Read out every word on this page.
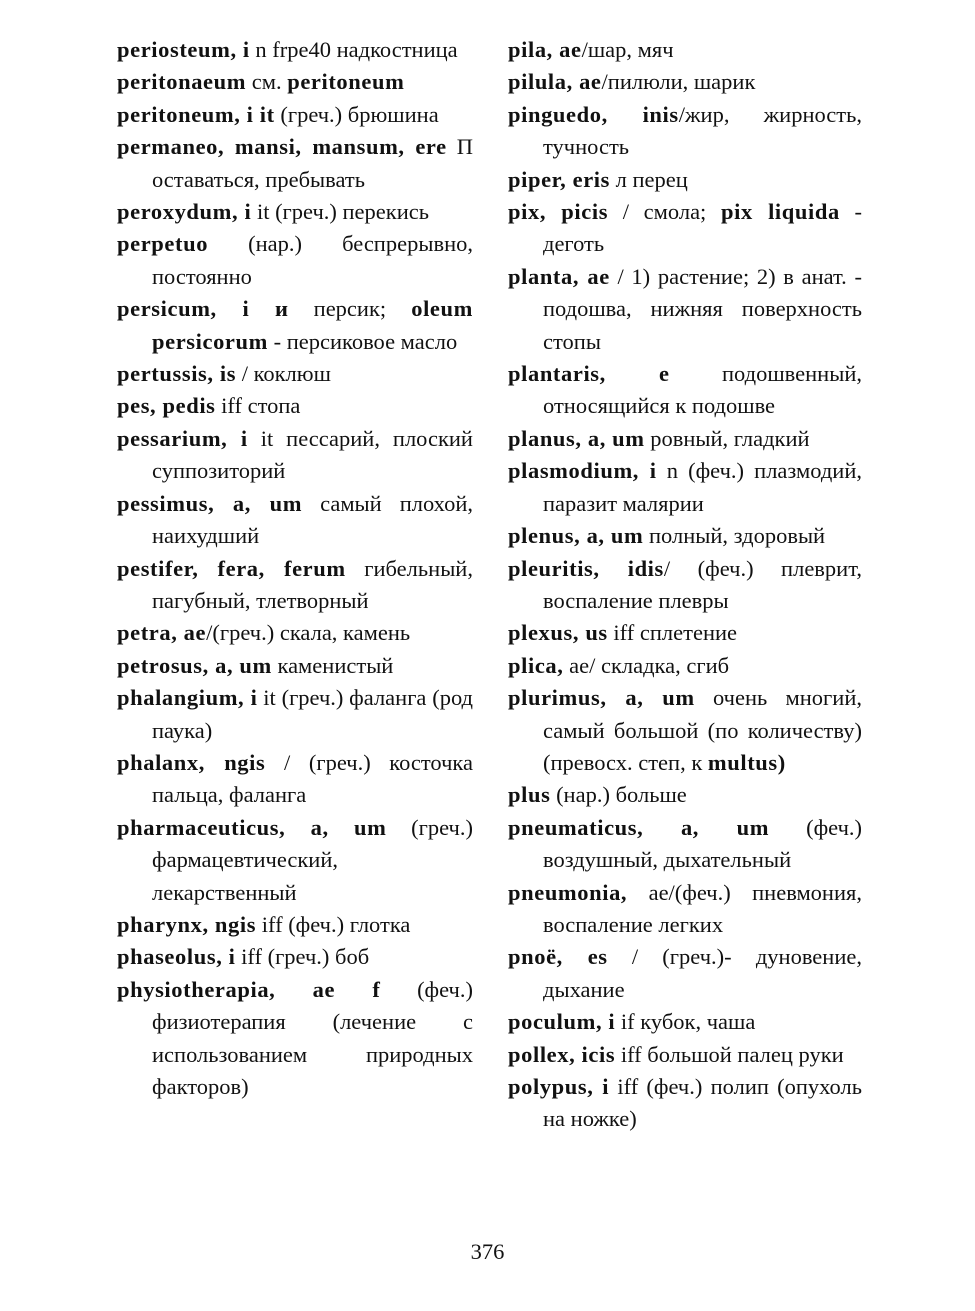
periosteum, i n frpe40 надкостница

peritonaeum см. peritoneum

peritoneum, i it (греч.) брюшина

permaneo, mansi, mansum, ere П оставаться, пребывать

peroxydum, i it (греч.) перекись

perpetuo (нар.) беспрерывно, постоянно

persicum, i и персик; oleum persicorum - персиковое масло

pertussis, is / коклюш

pes, pedis iff стопа

pessarium, i it пессарий, плоский суппозиторий

pessimus, a, um самый плохой, наихудший

pestifer, fera, ferum гибельный, пагубный, тлетворный

petra, ae/(греч.) скала, камень

petrosus, a, um каменистый

phalangium, i it (греч.) фаланга (род паука)

phalanx, ngis / (греч.) косточка пальца, фаланга

pharmaceuticus, a, um (греч.) фармацевтический, лекарственный

pharynx, ngis iff (феч.) глотка

phaseolus, i iff (греч.) боб

physiotherapia, ae f (феч.) физиотерапия (лечение с использованием природных факторов)

pila, ae/шар, мяч

pilula, ae/пилюли, шарик

pinguedo, inis/жир, жирность, тучность

piper, eris л перец

pix, picis / смола; pix liquida - деготь

planta, ae / 1) растение; 2) в анат. - подошва, нижняя поверхность стопы

plantaris, e подошвенный, относящийся к подошве

planus, a, um ровный, гладкий

plasmodium, i n (феч.) плазмодий, паразит малярии

plenus, a, um полный, здоровый

pleuritis, idis/ (феч.) плеврит, воспаление плевры

plexus, us iff сплетение

plica, ae/ складка, сгиб

plurimus, a, um очень многий, самый большой (по количеству) (превосх. степ, к multus)

plus (нар.) больше

pneumaticus, a, um (феч.) воздушный, дыхательный

pneumonia, ae/(феч.) пневмония, воспаление легких

pnoë, es / (греч.)- дуновение, дыхание

poculum, i if кубок, чаша

pollex, icis iff большой палец руки

polypus, i iff (феч.) полип (опухоль на ножке)

376
